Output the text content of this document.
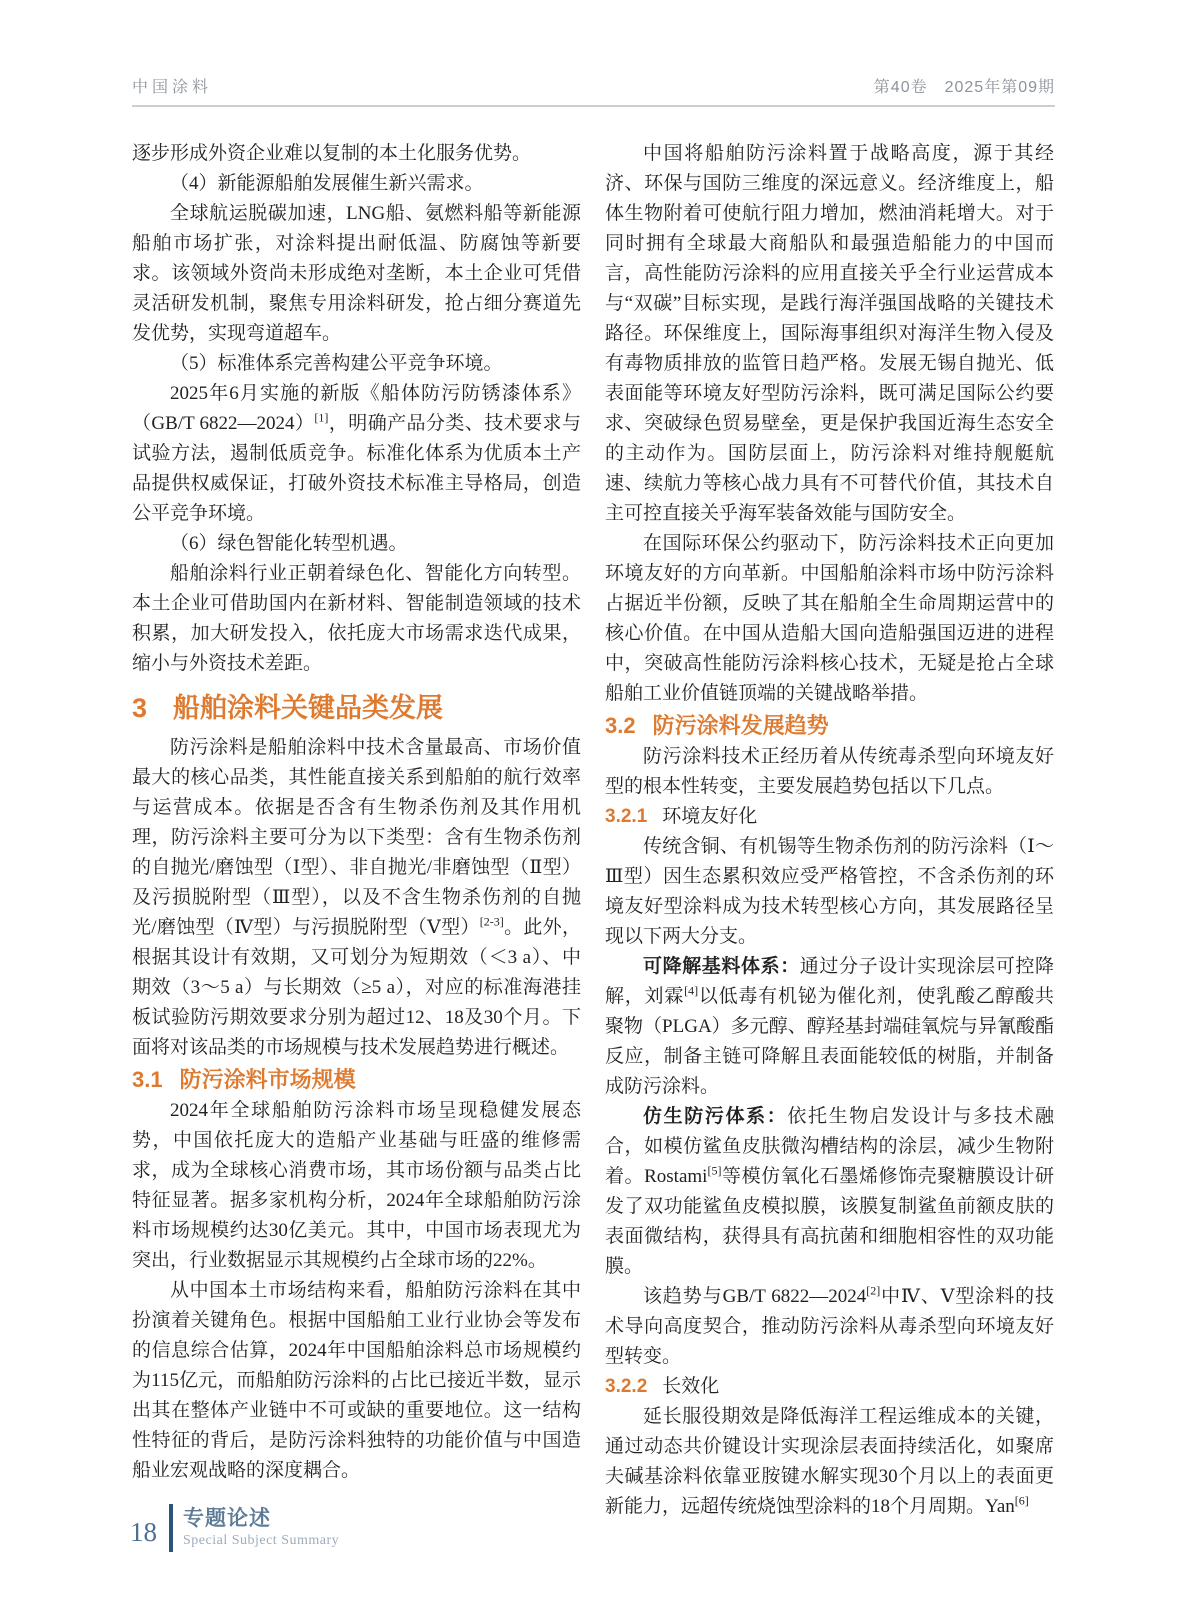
中国涂料	第40卷　2025年第09期

逐步形成外资企业难以复制的本土化服务优势。

（4）新能源船舶发展催生新兴需求。

全球航运脱碳加速，LNG船、氨燃料船等新能源船舶市场扩张，对涂料提出耐低温、防腐蚀等新要求。该领域外资尚未形成绝对垄断，本土企业可凭借灵活研发机制，聚焦专用涂料研发，抢占细分赛道先发优势，实现弯道超车。

（5）标准体系完善构建公平竞争环境。

2025年6月实施的新版《船体防污防锈漆体系》（GB/T 6822—2024）[1]，明确产品分类、技术要求与试验方法，遏制低质竞争。标准化体系为优质本土产品提供权威保证，打破外资技术标准主导格局，创造公平竞争环境。

（6）绿色智能化转型机遇。

船舶涂料行业正朝着绿色化、智能化方向转型。本土企业可借助国内在新材料、智能制造领域的技术积累，加大研发投入，依托庞大市场需求迭代成果，缩小与外资技术差距。

3 船舶涂料关键品类发展

防污涂料是船舶涂料中技术含量最高、市场价值最大的核心品类，其性能直接关系到船舶的航行效率与运营成本。依据是否含有生物杀伤剂及其作用机理，防污涂料主要可分为以下类型：含有生物杀伤剂的自抛光/磨蚀型（Ⅰ型）、非自抛光/非磨蚀型（Ⅱ型）及污损脱附型（Ⅲ型），以及不含生物杀伤剂的自抛光/磨蚀型（Ⅳ型）与污损脱附型（Ⅴ型）[2-3]。此外，根据其设计有效期，又可划分为短期效（＜3 a）、中期效（3～5 a）与长期效（≥5 a），对应的标准海港挂板试验防污期效要求分别为超过12、18及30个月。下面将对该品类的市场规模与技术发展趋势进行概述。

3.1 防污涂料市场规模

2024年全球船舶防污涂料市场呈现稳健发展态势，中国依托庞大的造船产业基础与旺盛的维修需求，成为全球核心消费市场，其市场份额与品类占比特征显著。据多家机构分析，2024年全球船舶防污涂料市场规模约达30亿美元。其中，中国市场表现尤为突出，行业数据显示其规模约占全球市场的22%。

从中国本土市场结构来看，船舶防污涂料在其中扮演着关键角色。根据中国船舶工业行业协会等发布的信息综合估算，2024年中国船舶涂料总市场规模约为115亿元，而船舶防污涂料的占比已接近半数，显示出其在整体产业链中不可或缺的重要地位。这一结构性特征的背后，是防污涂料独特的功能价值与中国造船业宏观战略的深度耦合。

中国将船舶防污涂料置于战略高度，源于其经济、环保与国防三维度的深远意义。经济维度上，船体生物附着可使航行阻力增加，燃油消耗增大。对于同时拥有全球最大商船队和最强造船能力的中国而言，高性能防污涂料的应用直接关乎全行业运营成本与“双碳”目标实现，是践行海洋强国战略的关键技术路径。环保维度上，国际海事组织对海洋生物入侵及有毒物质排放的监管日趋严格。发展无锡自抛光、低表面能等环境友好型防污涂料，既可满足国际公约要求、突破绿色贸易壁垒，更是保护我国近海生态安全的主动作为。国防层面上，防污涂料对维持舰艇航速、续航力等核心战力具有不可替代价值，其技术自主可控直接关乎海军装备效能与国防安全。

在国际环保公约驱动下，防污涂料技术正向更加环境友好的方向革新。中国船舶涂料市场中防污涂料占据近半份额，反映了其在船舶全生命周期运营中的核心价值。在中国从造船大国向造船强国迈进的进程中，突破高性能防污涂料核心技术，无疑是抢占全球船舶工业价值链顶端的关键战略举措。

3.2 防污涂料发展趋势

防污涂料技术正经历着从传统毒杀型向环境友好型的根本性转变，主要发展趋势包括以下几点。

3.2.1 环境友好化

传统含铜、有机锡等生物杀伤剂的防污涂料（Ⅰ～Ⅲ型）因生态累积效应受严格管控，不含杀伤剂的环境友好型涂料成为技术转型核心方向，其发展路径呈现以下两大分支。

可降解基料体系：通过分子设计实现涂层可控降解，刘霖[4]以低毒有机铋为催化剂，使乳酸乙醇酸共聚物（PLGA）多元醇、醇羟基封端硅氧烷与异氰酸酯反应，制备主链可降解且表面能较低的树脂，并制备成防污涂料。

仿生防污体系：依托生物启发设计与多技术融合，如模仿鲨鱼皮肤微沟槽结构的涂层，减少生物附着。Rostami[5]等模仿氧化石墨烯修饰壳聚糖膜设计研发了双功能鲨鱼皮模拟膜，该膜复制鲨鱼前额皮肤的表面微结构，获得具有高抗菌和细胞相容性的双功能膜。

该趋势与GB/T 6822—2024[2]中Ⅳ、Ⅴ型涂料的技术导向高度契合，推动防污涂料从毒杀型向环境友好型转变。

3.2.2 长效化

延长服役期效是降低海洋工程运维成本的关键，通过动态共价键设计实现涂层表面持续活化，如聚席夫碱基涂料依靠亚胺键水解实现30个月以上的表面更新能力，远超传统烧蚀型涂料的18个月周期。Yan[6]

18 专题论述
Special Subject Summary
